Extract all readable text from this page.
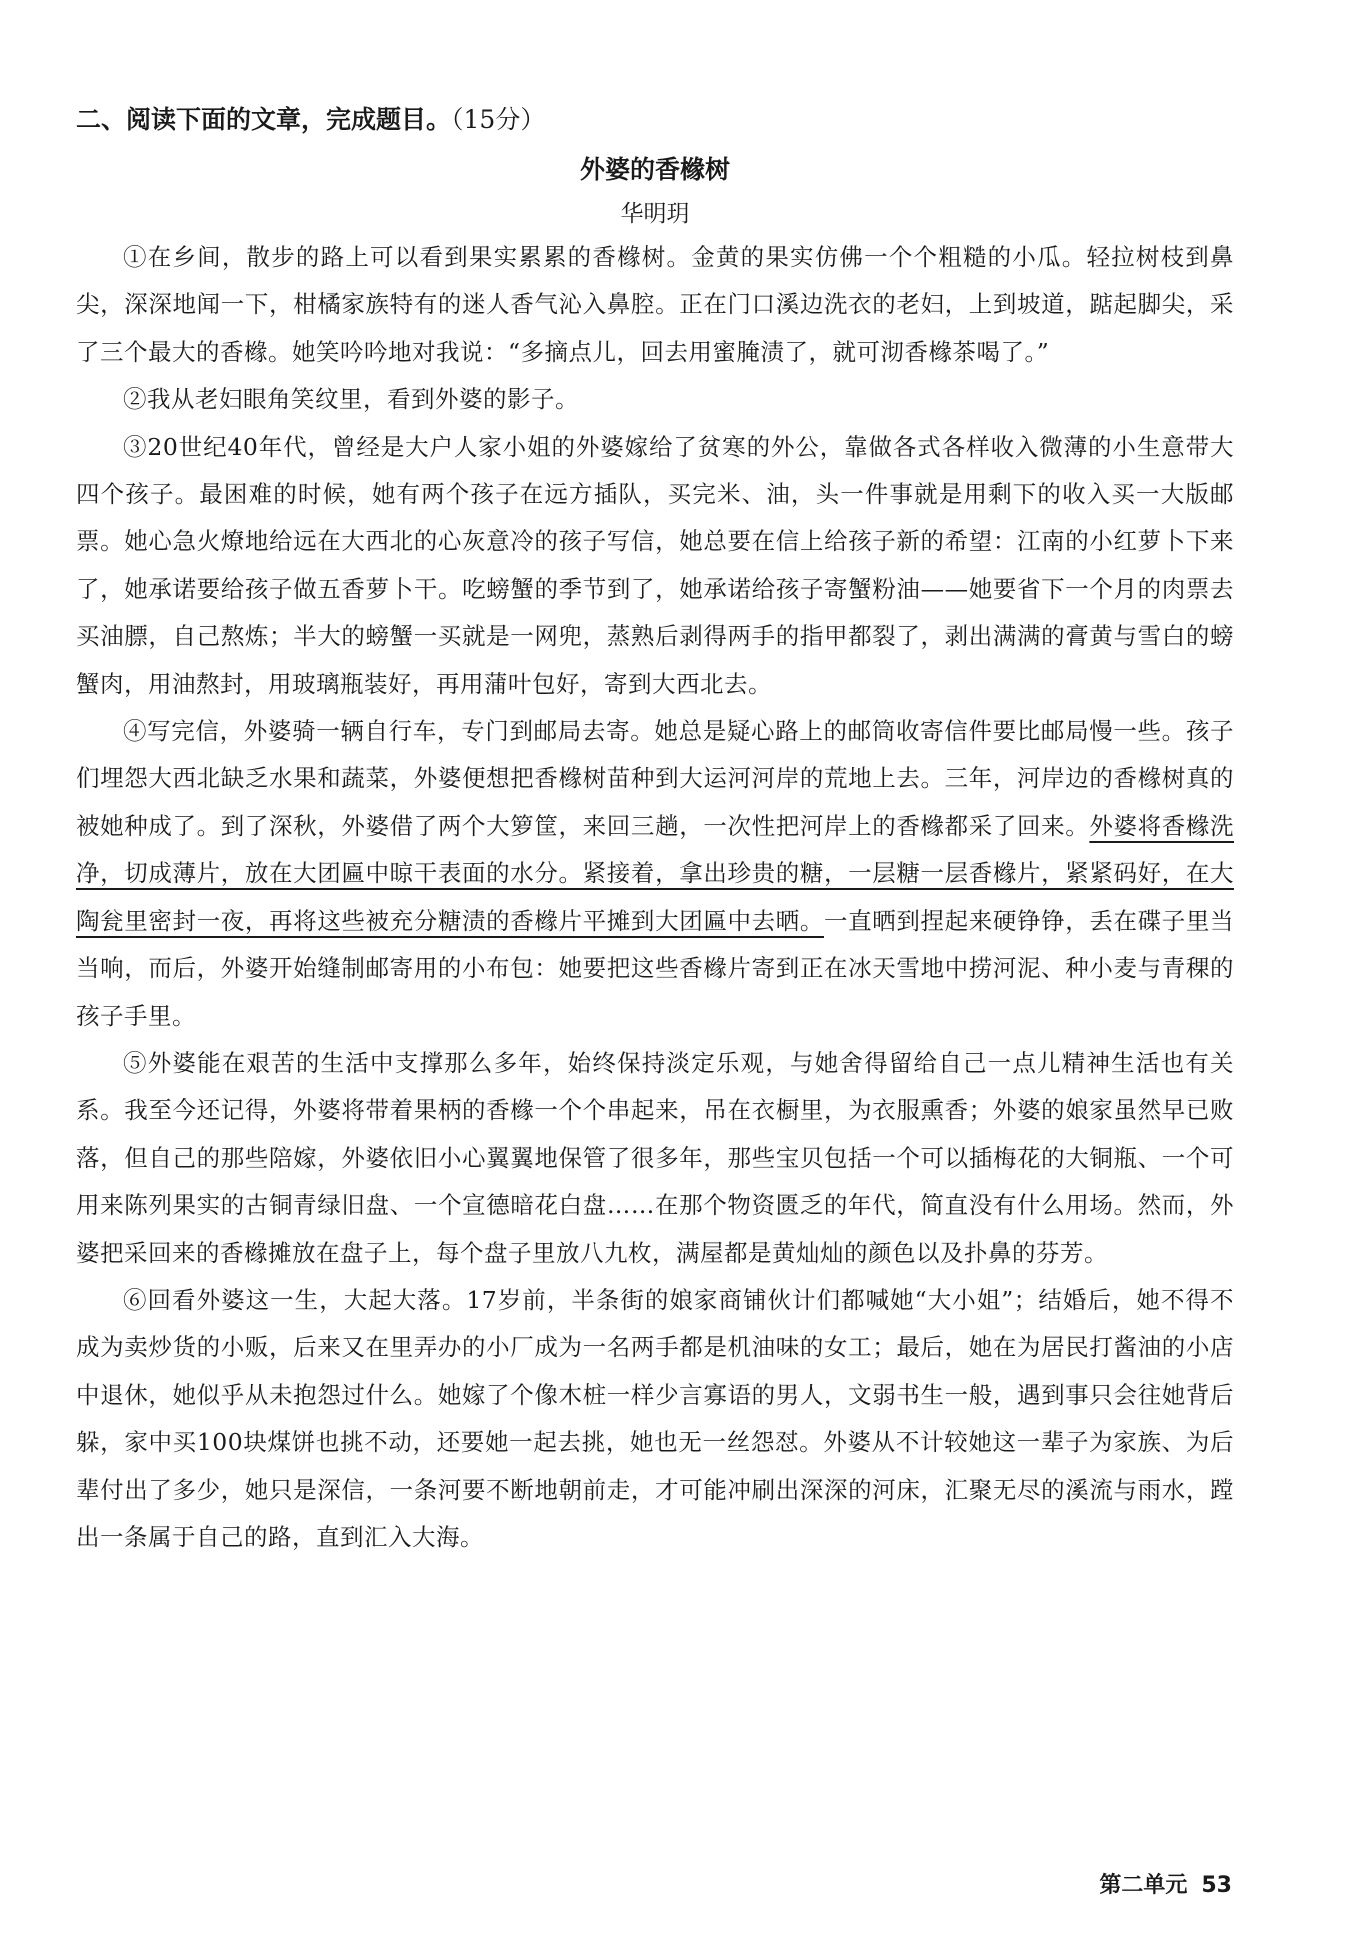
二、阅读下面的文章，完成题目。（15分）

外婆的香橼树

华明玥

①在乡间，散步的路上可以看到果实累累的香橼树。金黄的果实仿佛一个个粗糙的小瓜。轻拉树枝到鼻尖，深深地闻一下，柑橘家族特有的迷人香气沁入鼻腔。正在门口溪边洗衣的老妇，上到坡道，踮起脚尖，采了三个最大的香橼。她笑吟吟地对我说：“多摘点儿，回去用蜜腌渍了，就可沏香橼茶喝了。”

②我从老妇眼角笑纹里，看到外婆的影子。

③20世纪40年代，曾经是大户人家小姐的外婆嫁给了贫寒的外公，靠做各式各样收入微薄的小生意带大四个孩子。最困难的时候，她有两个孩子在远方插队，买完米、油，头一件事就是用剩下的收入买一大版邮票。她心急火燎地给远在大西北的心灰意冷的孩子写信，她总要在信上给孩子新的希望：江南的小红萝卜下来了，她承诺要给孩子做五香萝卜干。吃螃蟹的季节到了，她承诺给孩子寄蟹粉油——她要省下一个月的肉票去买油膘，自己熬炼；半大的螃蟹一买就是一网兜，蒸熟后剥得两手的指甲都裂了，剥出满满的膏黄与雪白的螃蟹肉，用油熬封，用玻璃瓶装好，再用蒲叶包好，寄到大西北去。

④写完信，外婆骑一辆自行车，专门到邮局去寄。她总是疑心路上的邮筒收寄信件要比邮局慢一些。孩子们埋怨大西北缺乏水果和蔬菜，外婆便想把香橼树苗种到大运河河岸的荒地上去。三年，河岸边的香橼树真的被她种成了。到了深秋，外婆借了两个大箩筐，来回三趟，一次性把河岸上的香橼都采了回来。外婆将香橼洗净，切成薄片，放在大团匾中晾干表面的水分。紧接着，拿出珍贵的糖，一层糖一层香橼片，紧紧码好，在大陶瓮里密封一夜，再将这些被充分糖渍的香橼片平摊到大团匾中去晒。一直晒到捏起来硬铮铮，丢在碟子里当当响，而后，外婆开始缝制邮寄用的小布包：她要把这些香橼片寄到正在冰天雪地中捞河泥、种小麦与青稞的孩子手里。

⑤外婆能在艰苦的生活中支撑那么多年，始终保持淡定乐观，与她舍得留给自己一点儿精神生活也有关系。我至今还记得，外婆将带着果柄的香橼一个个串起来，吊在衣橱里，为衣服熏香；外婆的娘家虽然早已败落，但自己的那些陪嫁，外婆依旧小心翼翼地保管了很多年，那些宝贝包括一个可以插梅花的大铜瓶、一个可用来陈列果实的古铜青绿旧盘、一个宣德暗花白盘……在那个物资匮乏的年代，简直没有什么用场。然而，外婆把采回来的香橼摊放在盘子上，每个盘子里放八九枚，满屋都是黄灿灿的颜色以及扑鼻的芬芳。

⑥回看外婆这一生，大起大落。17岁前，半条街的娘家商铺伙计们都喊她“大小姐”；结婚后，她不得不成为卖炒货的小贩，后来又在里弄办的小厂成为一名两手都是机油味的女工；最后，她在为居民打酱油的小店中退休，她似乎从未抱怨过什么。她嫁了个像木桩一样少言寡语的男人，文弱书生一般，遇到事只会往她背后躲，家中买100块煤饼也挑不动，还要她一起去挑，她也无一丝怨怼。外婆从不计较她这一辈子为家族、为后辈付出了多少，她只是深信，一条河要不断地朝前走，才可能冲刷出深深的河床，汇聚无尽的溪流与雨水，蹚出一条属于自己的路，直到汇入大海。

第二单元 53
